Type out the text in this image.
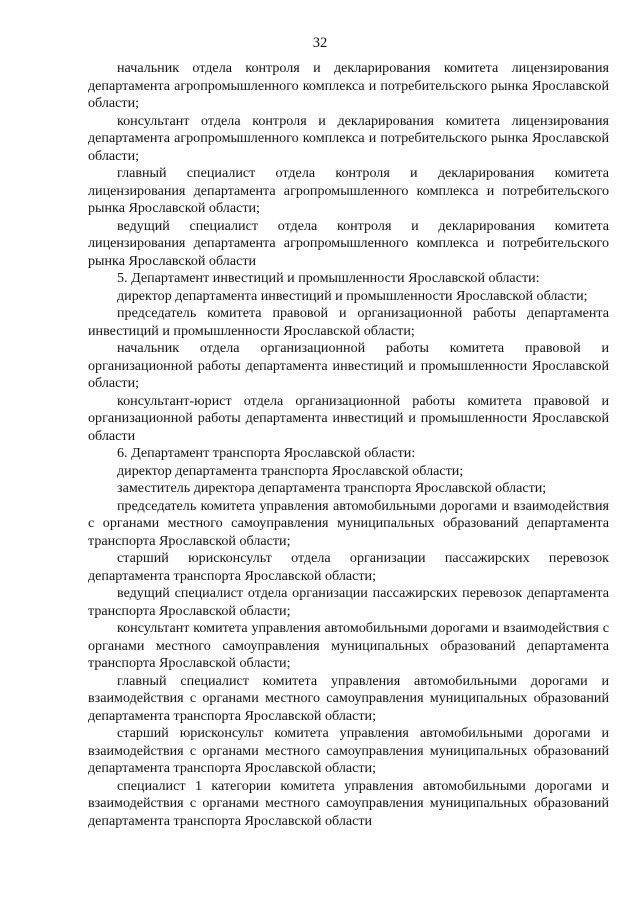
32

начальник отдела контроля и декларирования комитета лицензирования департамента агропромышленного комплекса и потребительского рынка Ярославской области;

консультант отдела контроля и декларирования комитета лицензирования департамента агропромышленного комплекса и потребительского рынка Ярославской области;

главный специалист отдела контроля и декларирования комитета лицензирования департамента агропромышленного комплекса и потребительского рынка Ярославской области;

ведущий специалист отдела контроля и декларирования комитета лицензирования департамента агропромышленного комплекса и потребительского рынка Ярославской области

5. Департамент инвестиций и промышленности Ярославской области:

директор департамента инвестиций и промышленности Ярославской области;

председатель комитета правовой и организационной работы департамента инвестиций и промышленности Ярославской области;

начальник отдела организационной работы комитета правовой и организационной работы департамента инвестиций и промышленности Ярославской области;

консультант-юрист отдела организационной работы комитета правовой и организационной работы департамента инвестиций и промышленности Ярославской области

6. Департамент транспорта Ярославской области:

директор департамента транспорта Ярославской области;

заместитель директора департамента транспорта Ярославской области;

председатель комитета управления автомобильными дорогами и взаимодействия с органами местного самоуправления муниципальных образований департамента транспорта Ярославской области;

старший юрисконсульт отдела организации пассажирских перевозок департамента транспорта Ярославской области;

ведущий специалист отдела организации пассажирских перевозок департамента транспорта Ярославской области;

консультант комитета управления автомобильными дорогами и взаимодействия с органами местного самоуправления муниципальных образований департамента транспорта Ярославской области;

главный специалист комитета управления автомобильными дорогами и взаимодействия с органами местного самоуправления муниципальных образований департамента транспорта Ярославской области;

старший юрисконсульт комитета управления автомобильными дорогами и взаимодействия с органами местного самоуправления муниципальных образований департамента транспорта Ярославской области;

специалист 1 категории комитета управления автомобильными дорогами и взаимодействия с органами местного самоуправления муниципальных образований департамента транспорта Ярославской области
